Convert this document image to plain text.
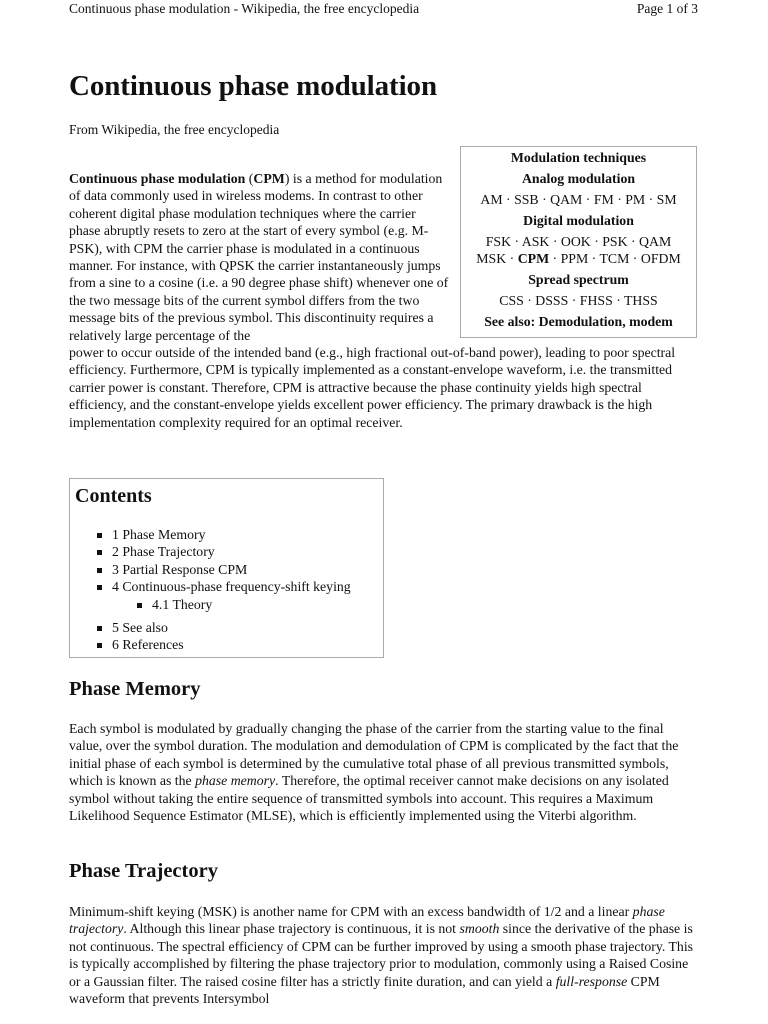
Continuous phase modulation - Wikipedia, the free encyclopedia	Page 1 of 3
Continuous phase modulation
From Wikipedia, the free encyclopedia
Modulation techniques
Analog modulation
AM · SSB · QAM · FM · PM · SM
Digital modulation
FSK · ASK · OOK · PSK · QAM
MSK · CPM · PPM · TCM · OFDM
Spread spectrum
CSS · DSSS · FHSS · THSS
See also: Demodulation, modem
Continuous phase modulation (CPM) is a method for modulation of data commonly used in wireless modems. In contrast to other coherent digital phase modulation techniques where the carrier phase abruptly resets to zero at the start of every symbol (e.g. M-PSK), with CPM the carrier phase is modulated in a continuous manner. For instance, with QPSK the carrier instantaneously jumps from a sine to a cosine (i.e. a 90 degree phase shift) whenever one of the two message bits of the current symbol differs from the two message bits of the previous symbol. This discontinuity requires a relatively large percentage of the
power to occur outside of the intended band (e.g., high fractional out-of-band power), leading to poor spectral efficiency. Furthermore, CPM is typically implemented as a constant-envelope waveform, i.e. the transmitted carrier power is constant. Therefore, CPM is attractive because the phase continuity yields high spectral efficiency, and the constant-envelope yields excellent power efficiency. The primary drawback is the high implementation complexity required for an optimal receiver.
Contents
1 Phase Memory
2 Phase Trajectory
3 Partial Response CPM
4 Continuous-phase frequency-shift keying
4.1 Theory
5 See also
6 References
Phase Memory
Each symbol is modulated by gradually changing the phase of the carrier from the starting value to the final value, over the symbol duration. The modulation and demodulation of CPM is complicated by the fact that the initial phase of each symbol is determined by the cumulative total phase of all previous transmitted symbols, which is known as the phase memory. Therefore, the optimal receiver cannot make decisions on any isolated symbol without taking the entire sequence of transmitted symbols into account. This requires a Maximum Likelihood Sequence Estimator (MLSE), which is efficiently implemented using the Viterbi algorithm.
Phase Trajectory
Minimum-shift keying (MSK) is another name for CPM with an excess bandwidth of 1/2 and a linear phase trajectory. Although this linear phase trajectory is continuous, it is not smooth since the derivative of the phase is not continuous. The spectral efficiency of CPM can be further improved by using a smooth phase trajectory. This is typically accomplished by filtering the phase trajectory prior to modulation, commonly using a Raised Cosine or a Gaussian filter. The raised cosine filter has a strictly finite duration, and can yield a full-response CPM waveform that prevents Intersymbol
